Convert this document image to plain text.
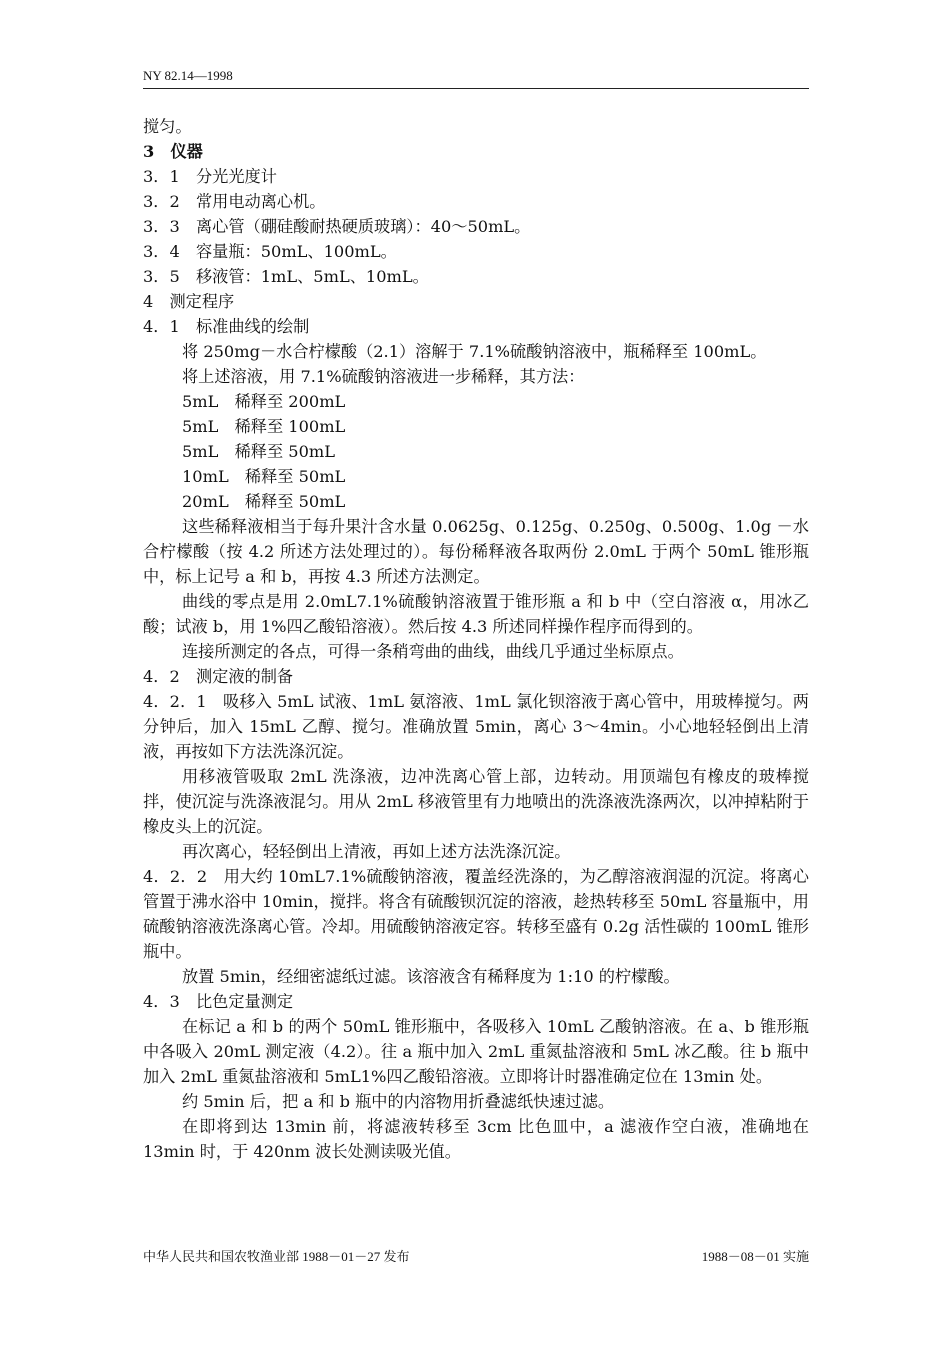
NY 82.14—1998

搅匀。

3　仪器

3．1　分光光度计

3．2　常用电动离心机。

3．3　离心管（硼硅酸耐热硬质玻璃）：40～50mL。

3．4　容量瓶：50mL、100mL。

3．5　移液管：1mL、5mL、10mL。

4　测定程序

4．1　标准曲线的绘制

将 250mg－水合柠檬酸（2.1）溶解于 7.1%硫酸钠溶液中，瓶稀释至 100mL。

将上述溶液，用 7.1%硫酸钠溶液进一步稀释，其方法：

5mL　稀释至 200mL

5mL　稀释至 100mL

5mL　稀释至 50mL

10mL　稀释至 50mL

20mL　稀释至 50mL

这些稀释液相当于每升果汁含水量 0.0625g、0.125g、0.250g、0.500g、1.0g －水合柠檬酸（按 4.2 所述方法处理过的）。每份稀释液各取两份 2.0mL 于两个 50mL 锥形瓶中，标上记号 a 和 b，再按 4.3 所述方法测定。

曲线的零点是用 2.0mL7.1%硫酸钠溶液置于锥形瓶 a 和 b 中（空白溶液 α，用冰乙酸；试液 b，用 1%四乙酸铅溶液）。然后按 4.3 所述同样操作程序而得到的。

连接所测定的各点，可得一条稍弯曲的曲线，曲线几乎通过坐标原点。

4．2　测定液的制备

4．2．1　吸移入 5mL 试液、1mL 氨溶液、1mL 氯化钡溶液于离心管中，用玻棒搅匀。两分钟后，加入 15mL 乙醇、搅匀。准确放置 5min，离心 3～4min。小心地轻轻倒出上清液，再按如下方法洗涤沉淀。

用移液管吸取 2mL 洗涤液，边冲洗离心管上部，边转动。用顶端包有橡皮的玻棒搅拌，使沉淀与洗涤液混匀。用从 2mL 移液管里有力地喷出的洗涤液洗涤两次，以冲掉粘附于橡皮头上的沉淀。

再次离心，轻轻倒出上清液，再如上述方法洗涤沉淀。

4．2．2　用大约 10mL7.1%硫酸钠溶液，覆盖经洗涤的，为乙醇溶液润湿的沉淀。将离心管置于沸水浴中 10min，搅拌。将含有硫酸钡沉淀的溶液，趁热转移至 50mL 容量瓶中，用硫酸钠溶液洗涤离心管。冷却。用硫酸钠溶液定容。转移至盛有 0.2g 活性碳的 100mL 锥形瓶中。

放置 5min，经细密滤纸过滤。该溶液含有稀释度为 1:10 的柠檬酸。

4．3　比色定量测定

在标记 a 和 b 的两个 50mL 锥形瓶中，各吸移入 10mL 乙酸钠溶液。在 a、b 锥形瓶中各吸入 20mL 测定液（4.2）。往 a 瓶中加入 2mL 重氮盐溶液和 5mL 冰乙酸。往 b 瓶中加入 2mL 重氮盐溶液和 5mL1%四乙酸铅溶液。立即将计时器准确定位在 13min 处。

约 5min 后，把 a 和 b 瓶中的内溶物用折叠滤纸快速过滤。

在即将到达 13min 前，将滤液转移至 3cm 比色皿中，a 滤液作空白液，准确地在 13min 时，于 420nm 波长处测读吸光值。

中华人民共和国农牧渔业部 1988－01－27 发布	1988－08－01 实施
